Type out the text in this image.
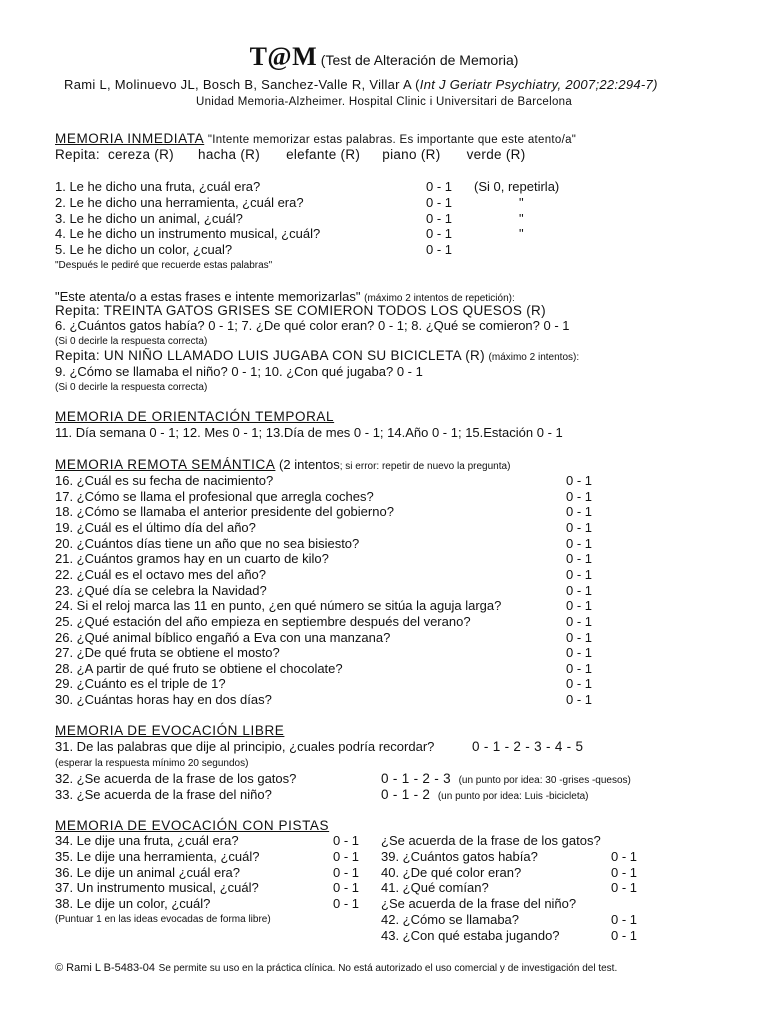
T@M (Test de Alteración de Memoria)
Rami L, Molinuevo JL, Bosch B, Sanchez-Valle R, Villar A (Int J Geriatr Psychiatry, 2007;22:294-7)
Unidad Memoria-Alzheimer. Hospital Clinic i Universitari de Barcelona
MEMORIA INMEDIATA "Intente memorizar estas palabras. Es importante que este atento/a"
Repita: cereza (R) hacha (R) elefante (R) piano (R) verde (R)
1. Le he dicho una fruta, ¿cuál era?	0 - 1 (Si 0, repetirla)
2. Le he dicho una herramienta, ¿cuál era?	0 - 1	"
3. Le he dicho un animal, ¿cuál?	0 - 1	"
4. Le he dicho un instrumento musical, ¿cuál?	0 - 1	"
5. Le he dicho un color, ¿cual?	0 - 1
"Después le pediré que recuerde estas palabras"
"Este atenta/o a estas frases e intente memorizarlas" (máximo 2 intentos de repetición):
Repita: TREINTA GATOS GRISES SE COMIERON TODOS LOS QUESOS (R)
6. ¿Cuántos gatos había? 0 - 1; 7. ¿De qué color eran? 0 - 1; 8. ¿Qué se comieron? 0 - 1
(Si 0 decirle la respuesta correcta)
Repita: UN NIÑO LLAMADO LUIS JUGABA CON SU BICICLETA (R) (máximo 2 intentos):
9. ¿Cómo se llamaba el niño? 0 - 1; 10. ¿Con qué jugaba? 0 - 1
(Si 0 decirle la respuesta correcta)
MEMORIA DE ORIENTACIÓN TEMPORAL
11. Día semana 0 - 1; 12. Mes 0 - 1; 13.Día de mes 0 - 1; 14.Año 0 - 1; 15.Estación 0 - 1
MEMORIA REMOTA SEMÁNTICA (2 intentos; si error: repetir de nuevo la pregunta)
16. ¿Cuál es su fecha de nacimiento?	0 - 1
17. ¿Cómo se llama el profesional que arregla coches?	0 - 1
18. ¿Cómo se llamaba el anterior presidente del gobierno?	0 - 1
19. ¿Cuál es el último día del año?	0 - 1
20. ¿Cuántos días tiene un año que no sea bisiesto?	0 - 1
21. ¿Cuántos gramos hay en un cuarto de kilo?	0 - 1
22. ¿Cuál es el octavo mes del año?	0 - 1
23. ¿Qué día se celebra la Navidad?	0 - 1
24. Si el reloj marca las 11 en punto, ¿en qué número se sitúa la aguja larga?	0 - 1
25. ¿Qué estación del año empieza en septiembre después del verano?	0 - 1
26. ¿Qué animal bíblico engañó a Eva con una manzana?	0 - 1
27. ¿De qué fruta se obtiene el mosto?	0 - 1
28. ¿A partir de qué fruto se obtiene el chocolate?	0 - 1
29. ¿Cuánto es el triple de 1?	0 - 1
30. ¿Cuántas horas hay en dos días?	0 - 1
MEMORIA DE EVOCACIÓN LIBRE
31. De las palabras que dije al principio, ¿cuales podría recordar?	0 - 1 - 2 - 3 - 4 - 5
(esperar la respuesta mínimo 20 segundos)
32. ¿Se acuerda de la frase de los gatos?	0 - 1 - 2 - 3 (un punto por idea: 30 -grises -quesos)
33. ¿Se acuerda de la frase del niño?	0 - 1 - 2 (un punto por idea: Luis -bicicleta)
MEMORIA DE EVOCACIÓN CON PISTAS
34. Le dije una fruta, ¿cuál era?	0 - 1
35. Le dije una herramienta, ¿cuál?	0 - 1
36. Le dije un animal ¿cuál era?	0 - 1
37. Un instrumento musical, ¿cuál?	0 - 1
38. Le dije un color, ¿cuál?	0 - 1
(Puntuar 1 en las ideas evocadas de forma libre)
¿Se acuerda de la frase de los gatos?
39. ¿Cuántos gatos había?	0 - 1
40. ¿De qué color eran?	0 - 1
41. ¿Qué comían?	0 - 1
¿Se acuerda de la frase del niño?
42. ¿Cómo se llamaba?	0 - 1
43. ¿Con qué estaba jugando?	0 - 1
© Rami L B-5483-04 Se permite su uso en la práctica clínica. No está autorizado el uso comercial y de investigación del test.
